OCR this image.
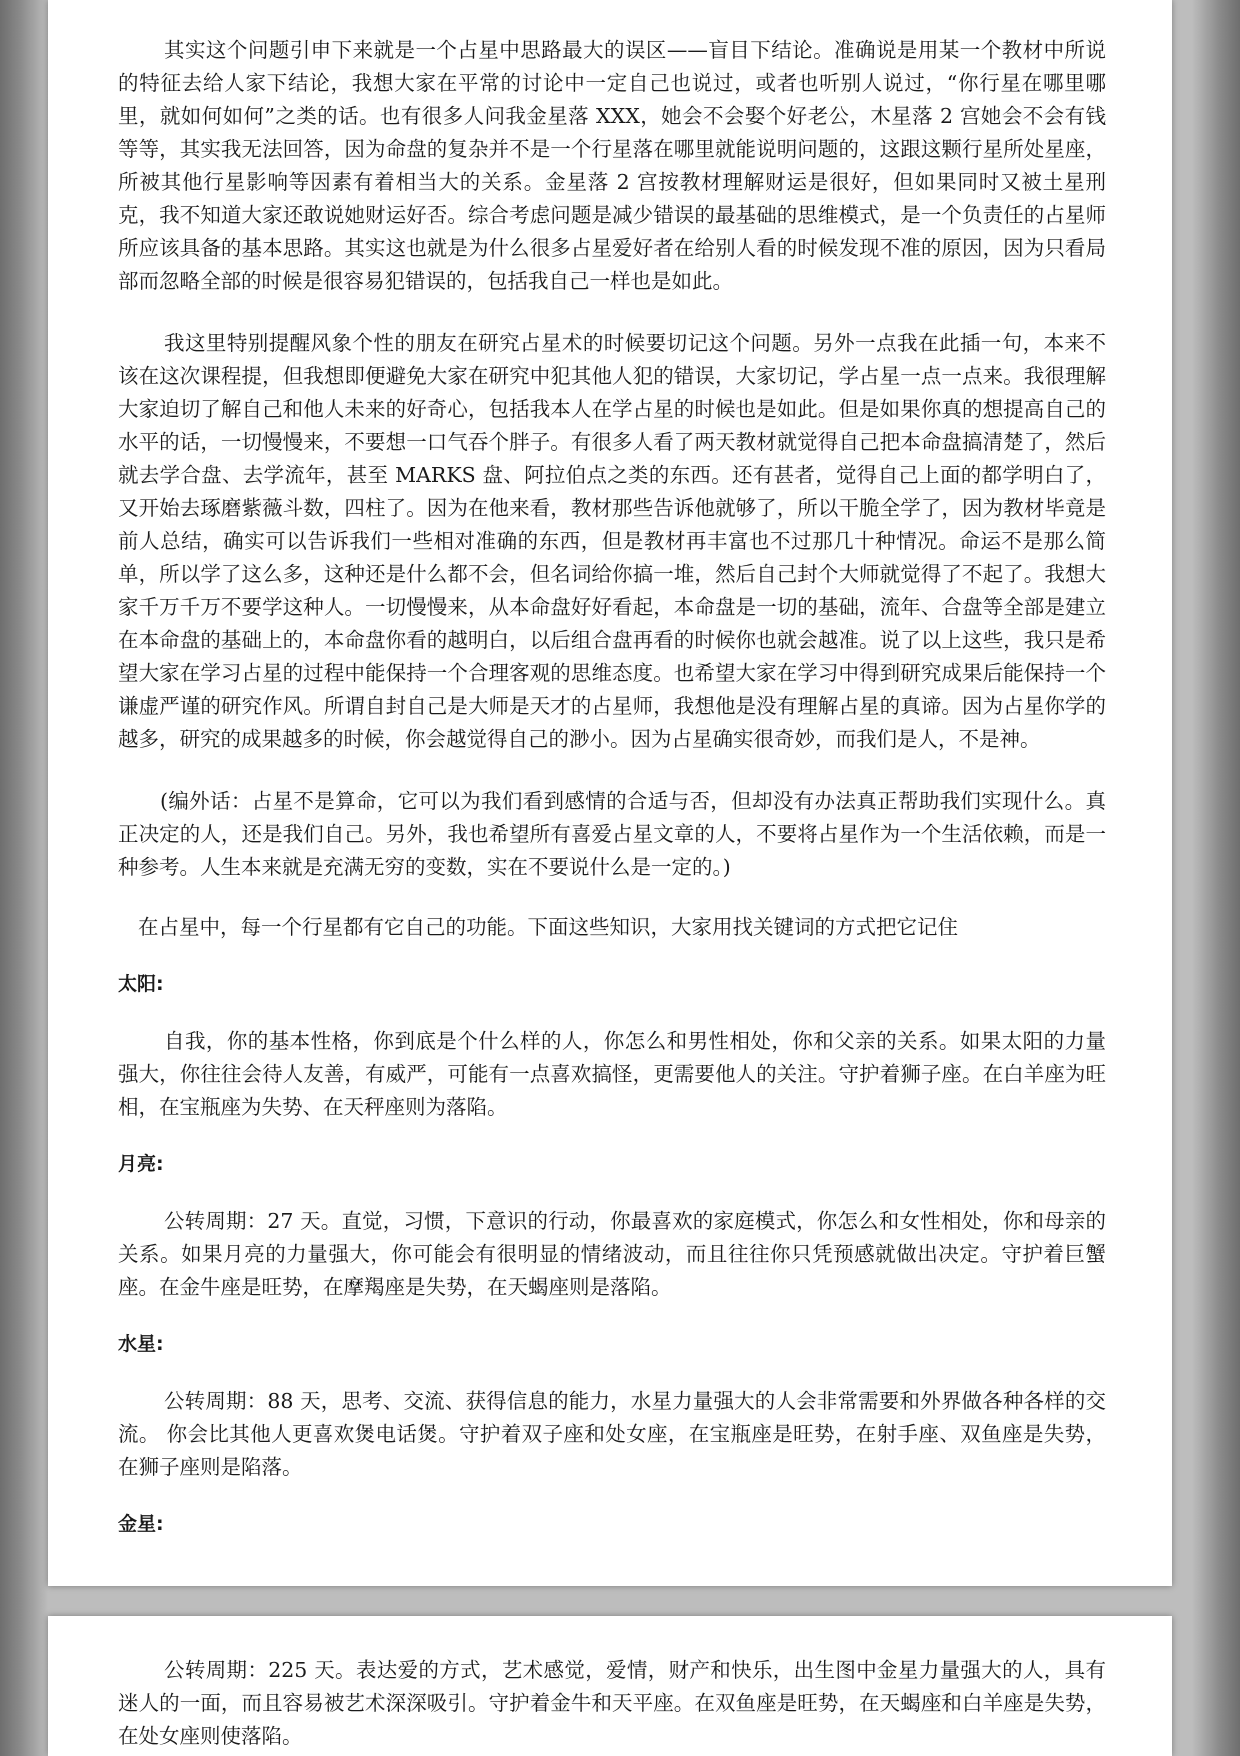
其实这个问题引申下来就是一个占星中思路最大的误区——盲目下结论。准确说是用某一个教材中所说的特征去给人家下结论，我想大家在平常的讨论中一定自己也说过，或者也听别人说过，“你行星在哪里哪里，就如何如何”之类的话。也有很多人问我金星落 XXX，她会不会娶个好老公，木星落 2 宫她会不会有钱等等，其实我无法回答，因为命盘的复杂并不是一个行星落在哪里就能说明问题的，这跟这颗行星所处星座，所被其他行星影响等因素有着相当大的关系。金星落 2 宫按教材理解财运是很好，但如果同时又被土星刑克，我不知道大家还敢说她财运好否。综合考虑问题是减少错误的最基础的思维模式，是一个负责任的占星师所应该具备的基本思路。其实这也就是为什么很多占星爱好者在给别人看的时候发现不准的原因，因为只看局部而忽略全部的时候是很容易犯错误的，包括我自己一样也是如此。

我这里特别提醒风象个性的朋友在研究占星术的时候要切记这个问题。另外一点我在此插一句，本来不该在这次课程提，但我想即便避免大家在研究中犯其他人犯的错误，大家切记，学占星一点一点来。我很理解大家迫切了解自己和他人未来的好奇心，包括我本人在学占星的时候也是如此。但是如果你真的想提高自己的水平的话，一切慢慢来，不要想一口气吞个胖子。有很多人看了两天教材就觉得自己把本命盘搞清楚了，然后就去学合盘、去学流年，甚至 MARKS 盘、阿拉伯点之类的东西。还有甚者，觉得自己上面的都学明白了，又开始去琢磨紫薇斗数，四柱了。因为在他来看，教材那些告诉他就够了，所以干脆全学了，因为教材毕竟是前人总结，确实可以告诉我们一些相对准确的东西，但是教材再丰富也不过那几十种情况。命运不是那么简单，所以学了这么多，这种还是什么都不会，但名词给你搞一堆，然后自己封个大师就觉得了不起了。我想大家千万千万不要学这种人。一切慢慢来，从本命盘好好看起，本命盘是一切的基础，流年、合盘等全部是建立在本命盘的基础上的，本命盘你看的越明白，以后组合盘再看的时候你也就会越准。说了以上这些，我只是希望大家在学习占星的过程中能保持一个合理客观的思维态度。也希望大家在学习中得到研究成果后能保持一个谦虚严谨的研究作风。所谓自封自己是大师是天才的占星师，我想他是没有理解占星的真谛。因为占星你学的越多，研究的成果越多的时候，你会越觉得自己的渺小。因为占星确实很奇妙，而我们是人，不是神。

(编外话：占星不是算命，它可以为我们看到感情的合适与否，但却没有办法真正帮助我们实现什么。真正决定的人，还是我们自己。另外，我也希望所有喜爱占星文章的人，不要将占星作为一个生活依赖，而是一种参考。人生本来就是充满无穷的变数，实在不要说什么是一定的。)

在占星中，每一个行星都有它自己的功能。下面这些知识，大家用找关键词的方式把它记住

太阳:

自我，你的基本性格，你到底是个什么样的人，你怎么和男性相处，你和父亲的关系。如果太阳的力量强大，你往往会待人友善，有威严，可能有一点喜欢搞怪，更需要他人的关注。守护着狮子座。在白羊座为旺相，在宝瓶座为失势、在天秤座则为落陷。

月亮:

公转周期：27 天。直觉，习惯，下意识的行动，你最喜欢的家庭模式，你怎么和女性相处，你和母亲的关系。如果月亮的力量强大，你可能会有很明显的情绪波动，而且往往你只凭预感就做出决定。守护着巨蟹座。在金牛座是旺势，在摩羯座是失势，在天蝎座则是落陷。

水星:

公转周期：88 天，思考、交流、获得信息的能力，水星力量强大的人会非常需要和外界做各种各样的交流。 你会比其他人更喜欢煲电话煲。守护着双子座和处女座，在宝瓶座是旺势，在射手座、双鱼座是失势，在狮子座则是陷落。

金星:

公转周期：225 天。表达爱的方式，艺术感觉，爱情，财产和快乐，出生图中金星力量强大的人，具有迷人的一面，而且容易被艺术深深吸引。守护着金牛和天平座。在双鱼座是旺势，在天蝎座和白羊座是失势，在处女座则使落陷。
